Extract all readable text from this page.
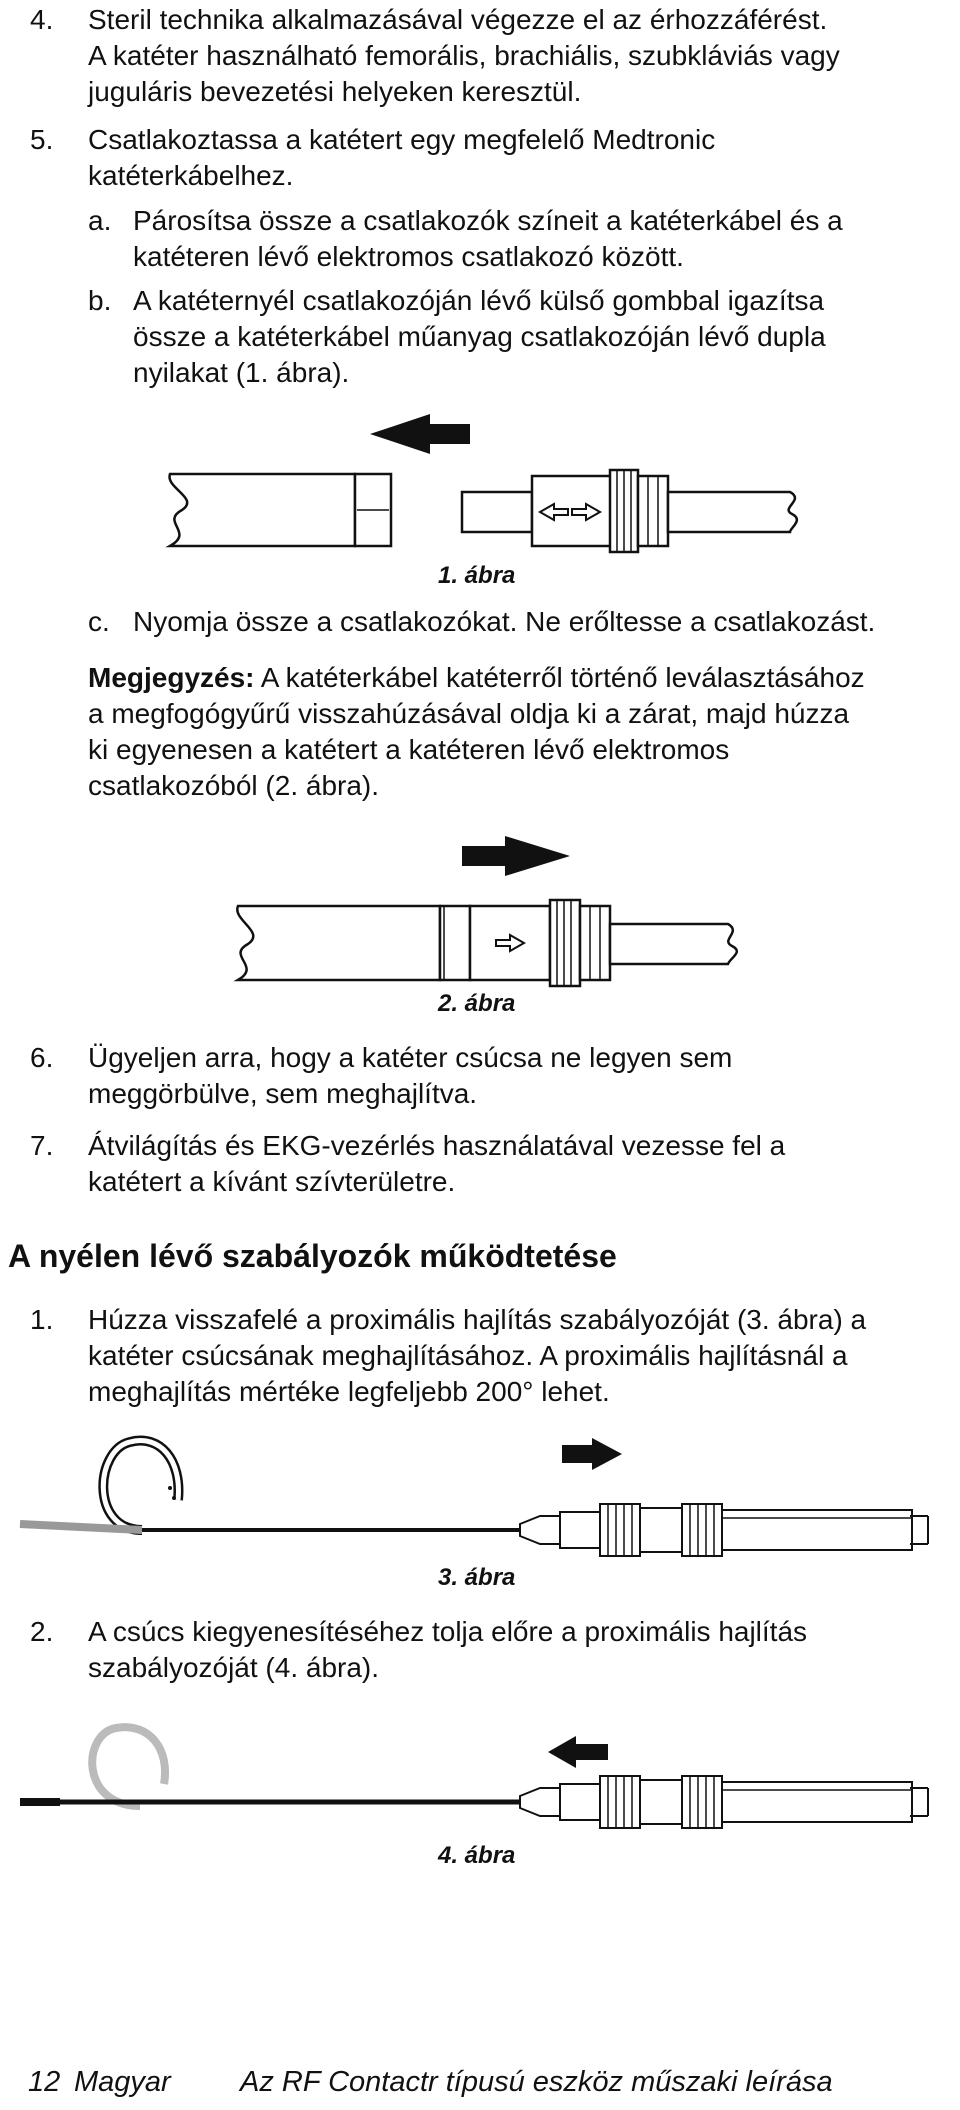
4. Steril technika alkalmazásával végezze el az érhozzáférést.
A katéter használható femorális, brachiális, szubkláviás vagy
juguláris bevezetési helyeken keresztül.
5. Csatlakoztassa a katétert egy megfelelő Medtronic
katéterkábelhez.
a. Párosítsa össze a csatlakozók színeit a katéterkábel és a
katéteren lévő elektromos csatlakozó között.
b. A katéternyél csatlakozóján lévő külső gombbal igazítsa
össze a katéterkábel műanyag csatlakozóján lévő dupla
nyilakat (1. ábra).
1. ábra
c. Nyomja össze a csatlakozókat. Ne erőltesse a csatlakozást.
Megjegyzés: A katéterkábel katéterről történő leválasztásához
a megfogógyűrű visszahúzásával oldja ki a zárat, majd húzza
ki egyenesen a katétert a katéteren lévő elektromos
csatlakozóból (2. ábra).
2. ábra
6. Ügyeljen arra, hogy a katéter csúcsa ne legyen sem
meggörbülve, sem meghajlítva.
7. Átvilágítás és EKG-vezérlés használatával vezesse fel a
katétert a kívánt szívterületre.
A nyélen lévő szabályozók működtetése
1. Húzza visszafelé a proximális hajlítás szabályozóját (3. ábra) a
katéter csúcsának meghajlításához. A proximális hajlításnál a
meghajlítás mértéke legfeljebb 200° lehet.
3. ábra
2. A csúcs kiegyenesítéséhez tolja előre a proximális hajlítás
szabályozóját (4. ábra).
4. ábra
12 Magyar Az RF Contactr típusú eszköz műszaki leírása
